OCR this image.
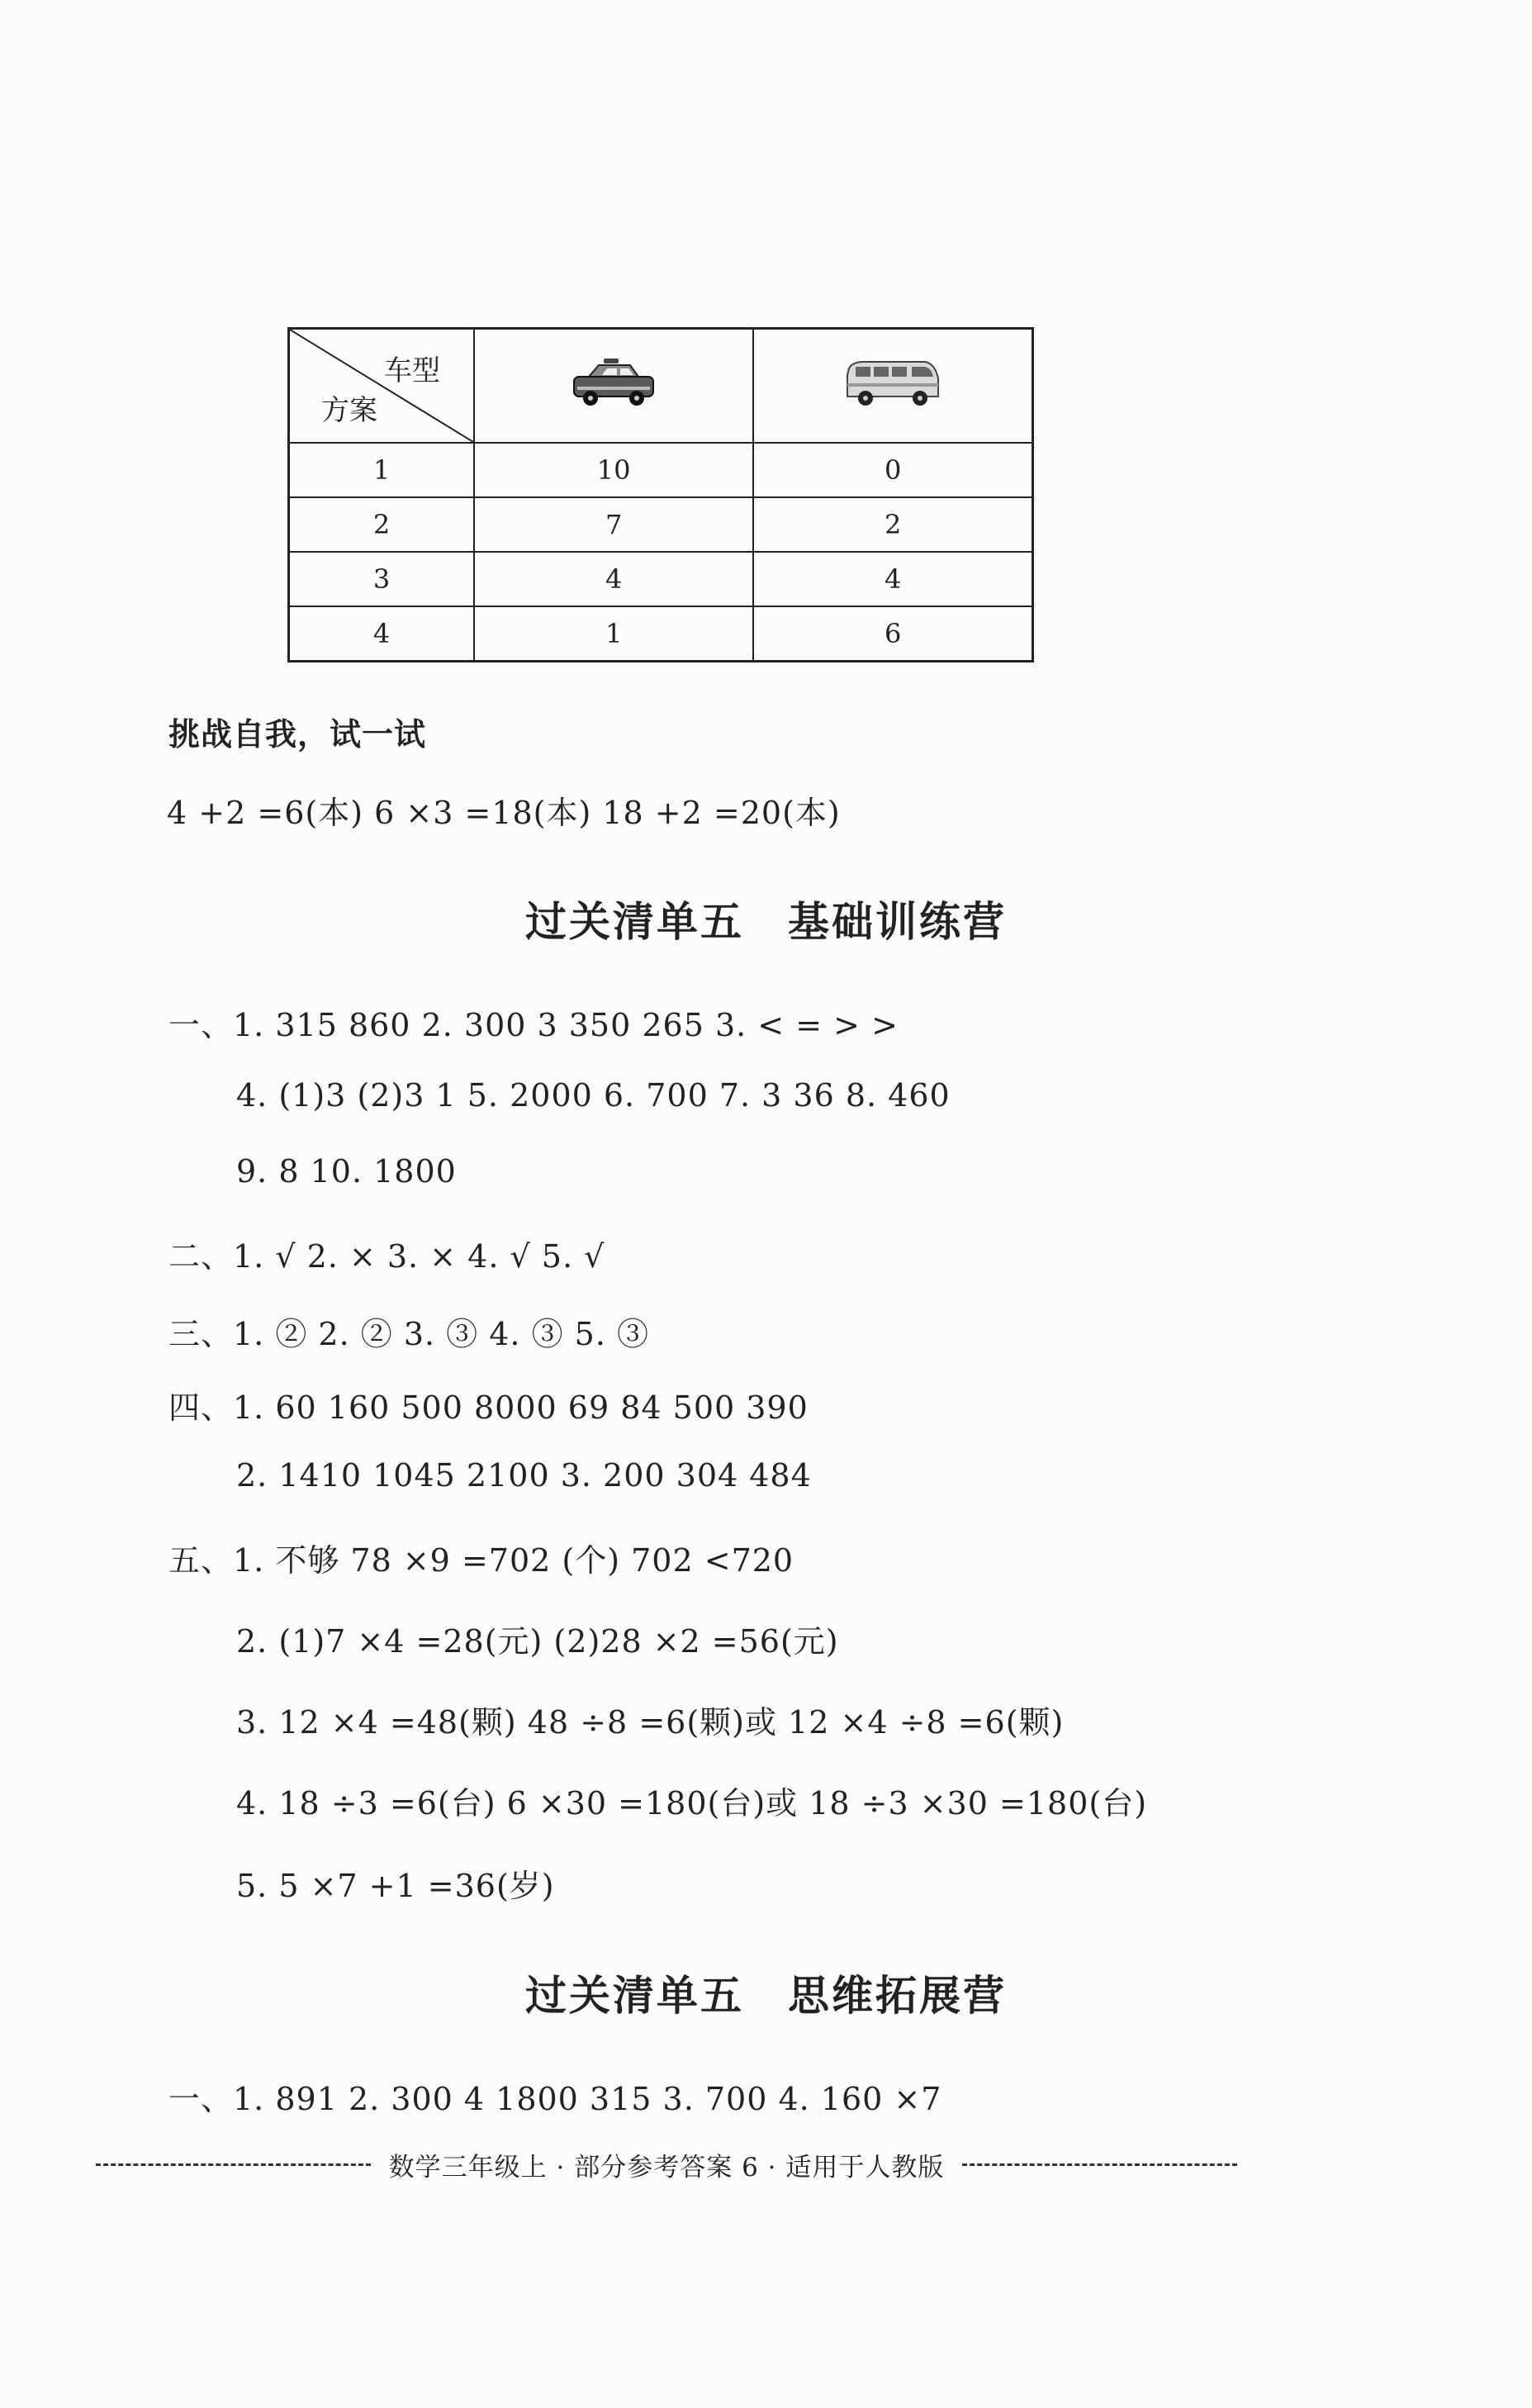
车型
方案

1	10	0
2	7	2
3	4	4
4	1	6
挑战自我，试一试
4 +2 =6(本) 6 ×3 =18(本) 18 +2 =20(本)
过关清单五　基础训练营
一、1. 315 860 2. 300 3 350 265 3. < = > >
4. (1)3 (2)3 1 5. 2000 6. 700 7. 3 36 8. 460
9. 8 10. 1800
二、1. √ 2. × 3. × 4. √ 5. √
三、1. ② 2. ② 3. ③ 4. ③ 5. ③
四、1. 60 160 500 8000 69 84 500 390
2. 1410 1045 2100 3. 200 304 484
五、1. 不够 78 ×9 =702 (个) 702 <720
2. (1)7 ×4 =28(元) (2)28 ×2 =56(元)
3. 12 ×4 =48(颗) 48 ÷8 =6(颗)或 12 ×4 ÷8 =6(颗)
4. 18 ÷3 =6(台) 6 ×30 =180(台)或 18 ÷3 ×30 =180(台)
5. 5 ×7 +1 =36(岁)
过关清单五　思维拓展营
一、1. 891 2. 300 4 1800 315 3. 700 4. 160 ×7
数学三年级上 · 部分参考答案 6 · 适用于人教版
